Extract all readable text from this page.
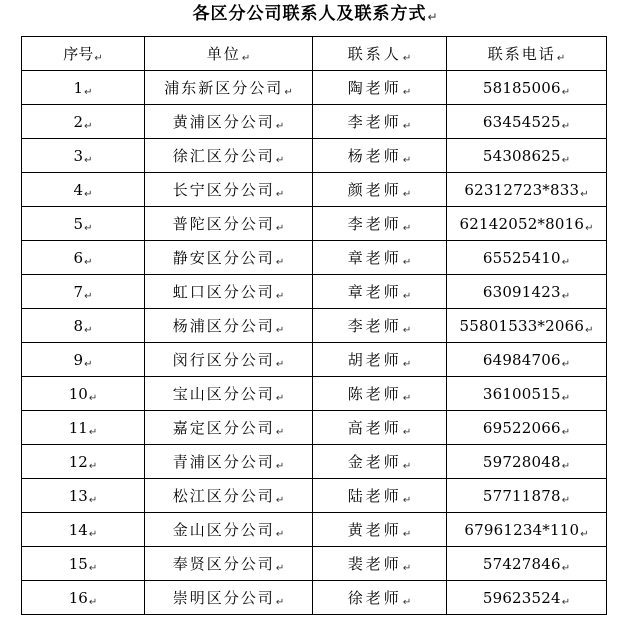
各区分公司联系人及联系方式↵
序号↵	单位↵	联系人↵	联系电话↵
1↵	浦东新区分公司↵	陶老师↵	58185006↵
2↵	黄浦区分公司↵	李老师↵	63454525↵
3↵	徐汇区分公司↵	杨老师↵	54308625↵
4↵	长宁区分公司↵	颜老师↵	62312723*833↵
5↵	普陀区分公司↵	李老师↵	62142052*8016↵
6↵	静安区分公司↵	章老师↵	65525410↵
7↵	虹口区分公司↵	章老师↵	63091423↵
8↵	杨浦区分公司↵	李老师↵	55801533*2066↵
9↵	闵行区分公司↵	胡老师↵	64984706↵
10↵	宝山区分公司↵	陈老师↵	36100515↵
11↵	嘉定区分公司↵	高老师↵	69522066↵
12↵	青浦区分公司↵	金老师↵	59728048↵
13↵	松江区分公司↵	陆老师↵	57711878↵
14↵	金山区分公司↵	黄老师↵	67961234*110↵
15↵	奉贤区分公司↵	裴老师↵	57427846↵
16↵	崇明区分公司↵	徐老师↵	59623524↵
